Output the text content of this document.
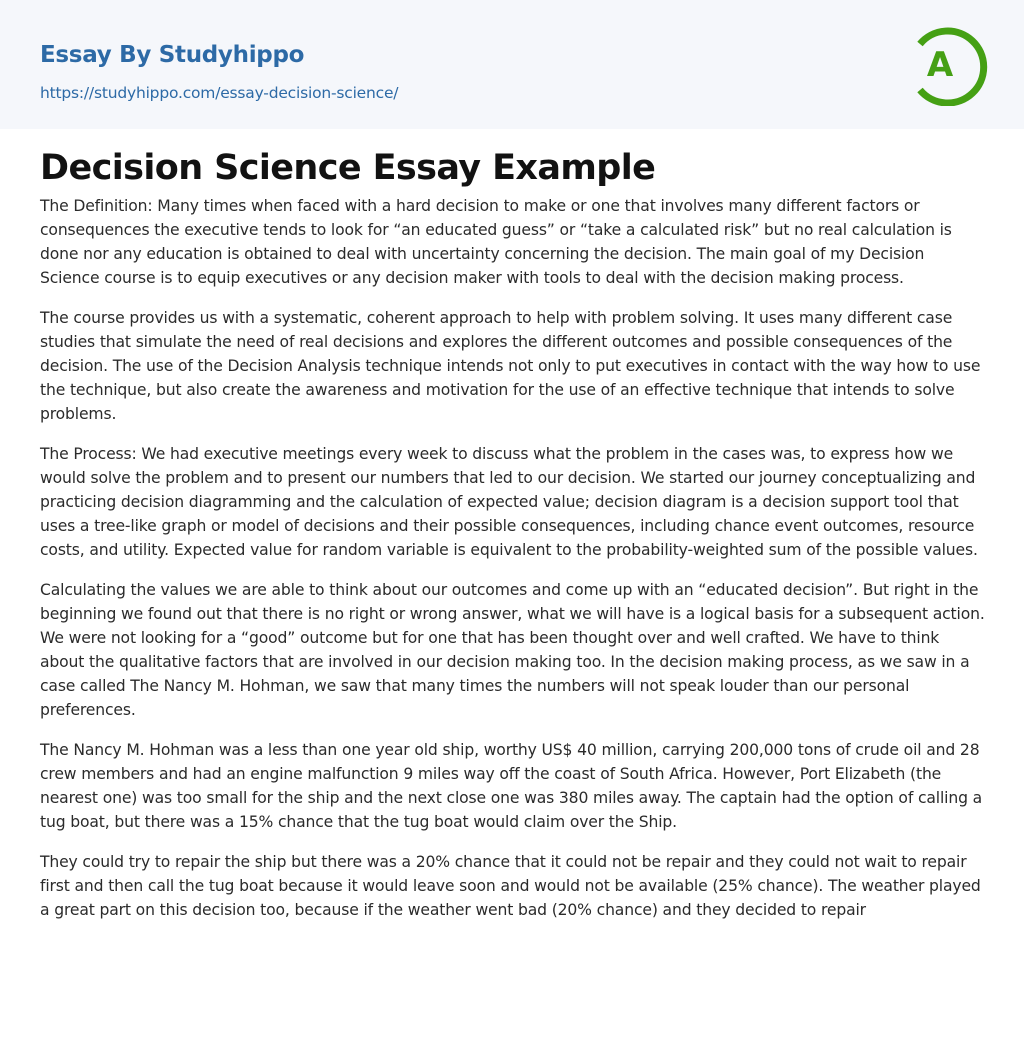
Essay By Studyhippo
https://studyhippo.com/essay-decision-science/
A
Decision Science Essay Example

The Definition: Many times when faced with a hard decision to make or one that involves many different factors or consequences the executive tends to look for “an educated guess” or “take a calculated risk” but no real calculation is done nor any education is obtained to deal with uncertainty concerning the decision. The main goal of my Decision Science course is to equip executives or any decision maker with tools to deal with the decision making process.

The course provides us with a systematic, coherent approach to help with problem solving. It uses many different case studies that simulate the need of real decisions and explores the different outcomes and possible consequences of the decision. The use of the Decision Analysis technique intends not only to put executives in contact with the way how to use the technique, but also create the awareness and motivation for the use of an effective technique that intends to solve problems.

The Process: We had executive meetings every week to discuss what the problem in the cases was, to express how we would solve the problem and to present our numbers that led to our decision. We started our journey conceptualizing and practicing decision diagramming and the calculation of expected value; decision diagram is a decision support tool that uses a tree-like graph or model of decisions and their possible consequences, including chance event outcomes, resource costs, and utility. Expected value for random variable is equivalent to the probability-weighted sum of the possible values.

Calculating the values we are able to think about our outcomes and come up with an “educated decision”. But right in the beginning we found out that there is no right or wrong answer, what we will have is a logical basis for a subsequent action. We were not looking for a “good” outcome but for one that has been thought over and well crafted. We have to think about the qualitative factors that are involved in our decision making too. In the decision making process, as we saw in a case called The Nancy M. Hohman, we saw that many times the numbers will not speak louder than our personal preferences.

The Nancy M. Hohman was a less than one year old ship, worthy US$ 40 million, carrying 200,000 tons of crude oil and 28 crew members and had an engine malfunction 9 miles way off the coast of South Africa. However, Port Elizabeth (the nearest one) was too small for the ship and the next close one was 380 miles away. The captain had the option of calling a tug boat, but there was a 15% chance that the tug boat would claim over the Ship.

They could try to repair the ship but there was a 20% chance that it could not be repair and they could not wait to repair first and then call the tug boat because it would leave soon and would not be available (25% chance). The weather played a great part on this decision too, because if the weather went bad (20% chance) and they decided to repair
